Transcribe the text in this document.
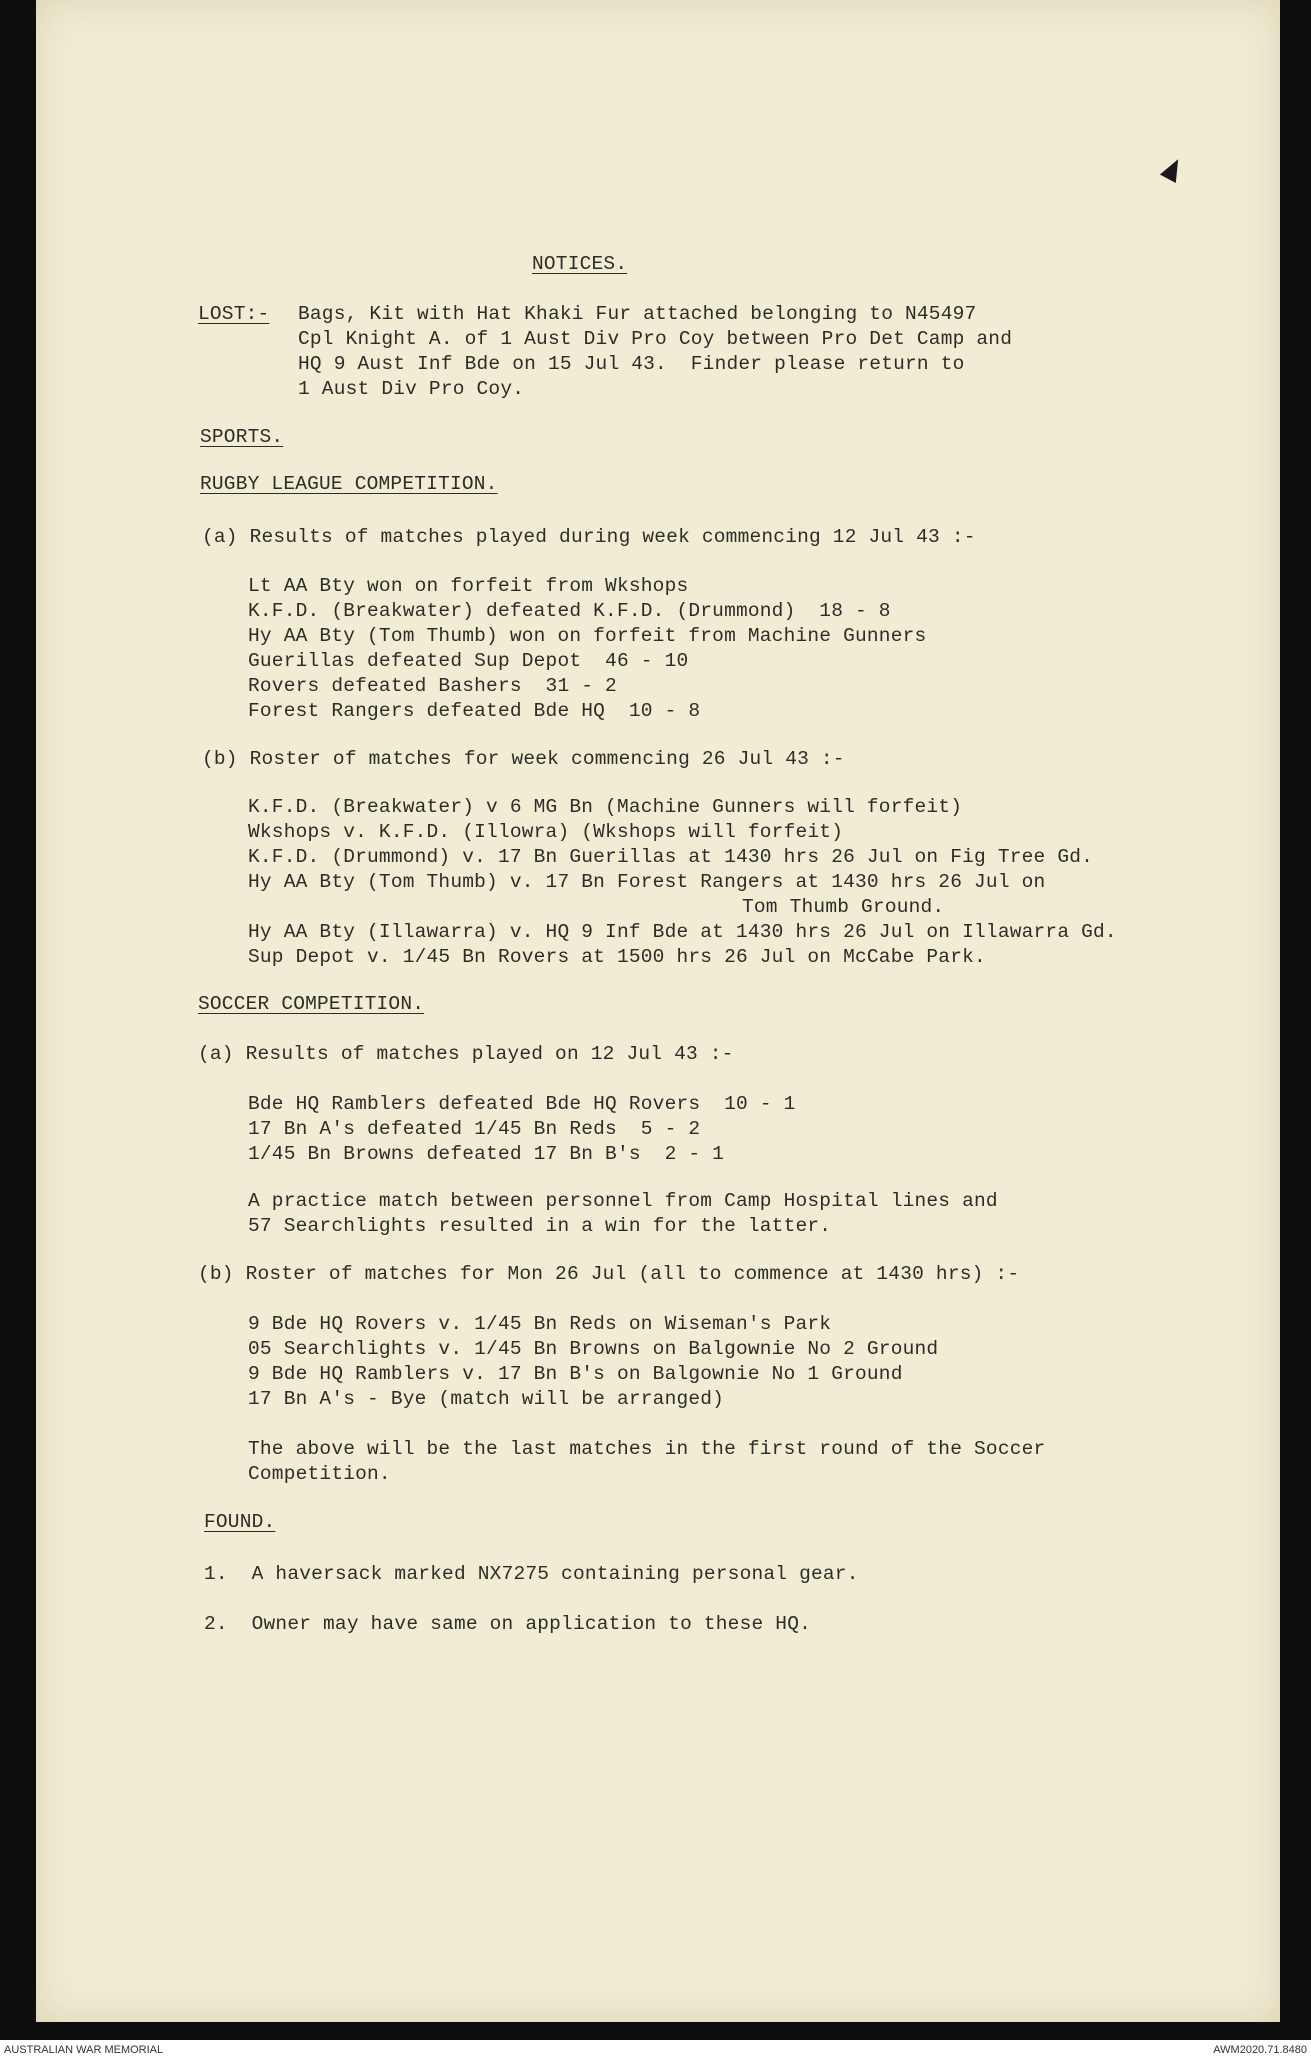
NOTICES.
LOST:- Bags, Kit with Hat Khaki Fur attached belonging to N45497
Cpl Knight A. of 1 Aust Div Pro Coy between Pro Det Camp and
HQ 9 Aust Inf Bde on 15 Jul 43.  Finder please return to
1 Aust Div Pro Coy.
SPORTS.
RUGBY LEAGUE COMPETITION.
(a) Results of matches played during week commencing 12 Jul 43 :-
Lt AA Bty won on forfeit from Wkshops
K.F.D. (Breakwater) defeated K.F.D. (Drummond)  18 - 8
Hy AA Bty (Tom Thumb) won on forfeit from Machine Gunners
Guerillas defeated Sup Depot  46 - 10
Rovers defeated Bashers  31 - 2
Forest Rangers defeated Bde HQ  10 - 8
(b) Roster of matches for week commencing 26 Jul 43 :-
K.F.D. (Breakwater) v 6 MG Bn (Machine Gunners will forfeit)
Wkshops v. K.F.D. (Illowra) (Wkshops will forfeit)
K.F.D. (Drummond) v. 17 Bn Guerillas at 1430 hrs 26 Jul on Fig Tree Gd.
Hy AA Bty (Tom Thumb) v. 17 Bn Forest Rangers at 1430 hrs 26 Jul on
Tom Thumb Ground.
Hy AA Bty (Illawarra) v. HQ 9 Inf Bde at 1430 hrs 26 Jul on Illawarra Gd.
Sup Depot v. 1/45 Bn Rovers at 1500 hrs 26 Jul on McCabe Park.
SOCCER COMPETITION.
(a) Results of matches played on 12 Jul 43 :-
Bde HQ Ramblers defeated Bde HQ Rovers  10 - 1
17 Bn A's defeated 1/45 Bn Reds  5 - 2
1/45 Bn Browns defeated 17 Bn B's  2 - 1
A practice match between personnel from Camp Hospital lines and
57 Searchlights resulted in a win for the latter.
(b) Roster of matches for Mon 26 Jul (all to commence at 1430 hrs) :-
9 Bde HQ Rovers v. 1/45 Bn Reds on Wiseman's Park
05 Searchlights v. 1/45 Bn Browns on Balgownie No 2 Ground
9 Bde HQ Ramblers v. 17 Bn B's on Balgownie No 1 Ground
17 Bn A's - Bye (match will be arranged)
The above will be the last matches in the first round of the Soccer
Competition.
FOUND.
1.  A haversack marked NX7275 containing personal gear.
2.  Owner may have same on application to these HQ.
AUSTRALIAN WAR MEMORIAL	AWM2020.71.8480
